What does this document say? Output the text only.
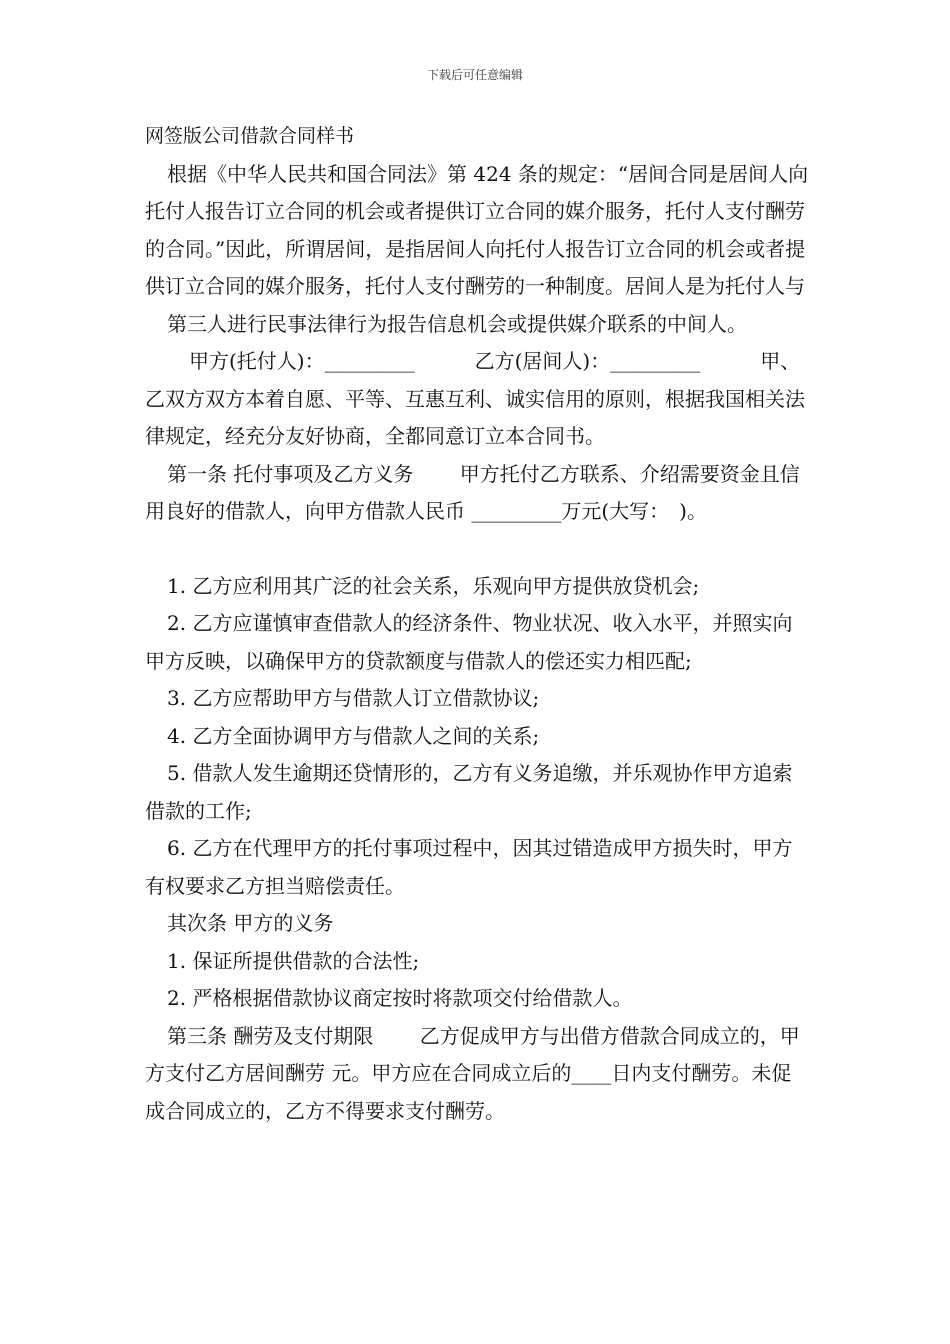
下载后可任意编辑

网签版公司借款合同样书

根据《中华人民共和国合同法》第 424 条的规定：“居间合同是居间人向托付人报告订立合同的机会或者提供订立合同的媒介服务，托付人支付酬劳的合同。”因此，所谓居间，是指居间人向托付人报告订立合同的机会或者提供订立合同的媒介服务，托付人支付酬劳的一种制度。居间人是为托付人与

第三人进行民事法律行为报告信息机会或提供媒介联系的中间人。

甲方(托付人)：_________　　　乙方(居间人)：_________　　　甲、乙双方双方本着自愿、平等、互惠互利、诚实信用的原则，根据我国相关法律规定，经充分友好协商，全都同意订立本合同书。

第一条 托付事项及乙方义务　　 甲方托付乙方联系、介绍需要资金且信用良好的借款人，向甲方借款人民币 _________万元(大写：　)。

1. 乙方应利用其广泛的社会关系，乐观向甲方提供放贷机会;

2. 乙方应谨慎审查借款人的经济条件、物业状况、收入水平，并照实向甲方反映，以确保甲方的贷款额度与借款人的偿还实力相匹配;

3. 乙方应帮助甲方与借款人订立借款协议;

4. 乙方全面协调甲方与借款人之间的关系;

5. 借款人发生逾期还贷情形的，乙方有义务追缴，并乐观协作甲方追索借款的工作;

6. 乙方在代理甲方的托付事项过程中，因其过错造成甲方损失时，甲方有权要求乙方担当赔偿责任。

其次条 甲方的义务

1. 保证所提供借款的合法性;

2. 严格根据借款协议商定按时将款项交付给借款人。

第三条 酬劳及支付期限　　 乙方促成甲方与出借方借款合同成立的，甲方支付乙方居间酬劳 元。甲方应在合同成立后的____日内支付酬劳。未促成合同成立的，乙方不得要求支付酬劳。
